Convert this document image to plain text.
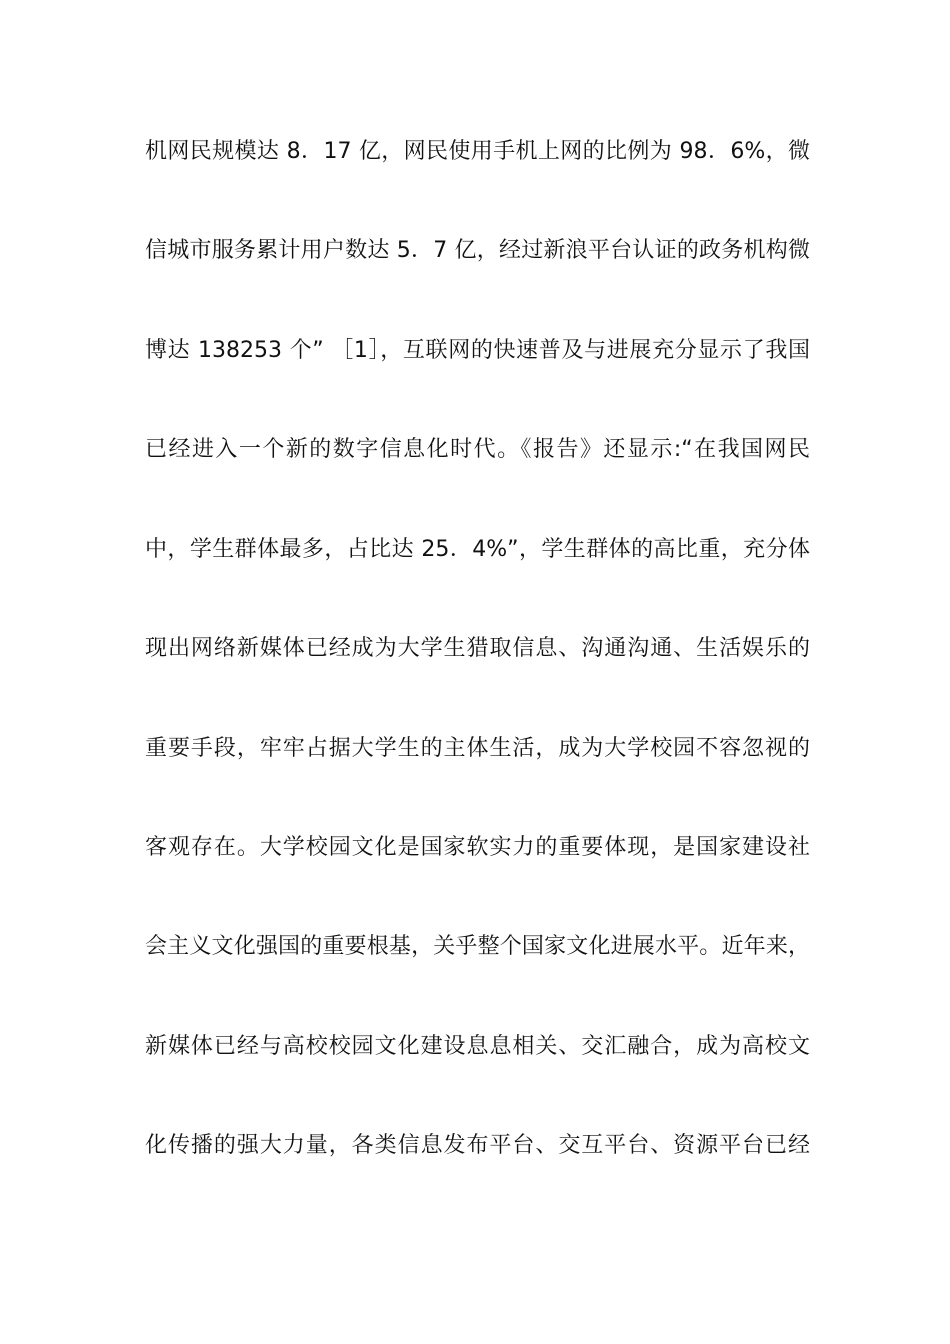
机网民规模达 8．17 亿，网民使用手机上网的比例为 98．6%，微
信城市服务累计用户数达 5．7 亿，经过新浪平台认证的政务机构微
博达 138253 个” ［1］，互联网的快速普及与进展充分显示了我国
已经进入一个新的数字信息化时代。《报告》还显示:“在我国网民
中，学生群体最多，占比达 25．4%”，学生群体的高比重，充分体
现出网络新媒体已经成为大学生猎取信息、沟通沟通、生活娱乐的
重要手段，牢牢占据大学生的主体生活，成为大学校园不容忽视的
客观存在。大学校园文化是国家软实力的重要体现，是国家建设社
会主义文化强国的重要根基，关乎整个国家文化进展水平。近年来，
新媒体已经与高校校园文化建设息息相关、交汇融合，成为高校文
化传播的强大力量，各类信息发布平台、交互平台、资源平台已经
